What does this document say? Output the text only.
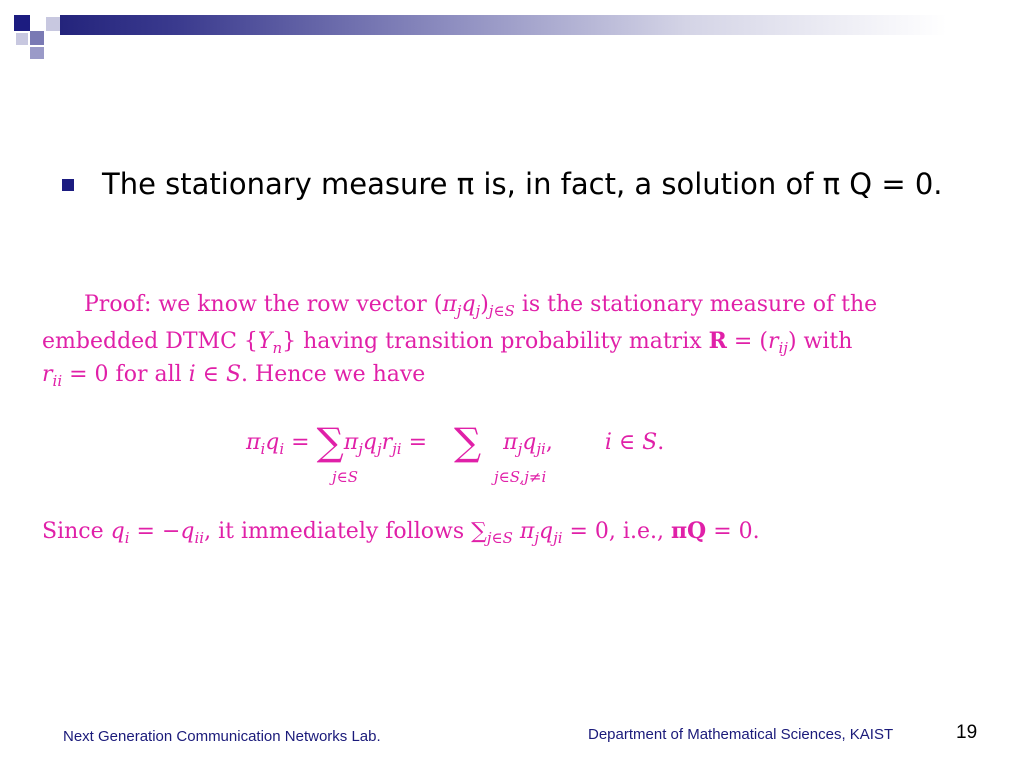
The stationary measure π is, in fact, a solution of π Q = 0.
Proof: we know the row vector $(\pi_jq_j)_{j\in S}$ is the stationary measure of the
embedded DTMC $\{Y_n\}$ having transition probability matrix $R = (r_{ij})$ with
$r_{ii} = 0$ for all i ∈ S. Hence we have
$\pi_iq_i = \sum\pi_jq_jr_{ji}$ = ∑ $\pi_jq_{ji}$, i ∈ S.
j∈S	j∈S,j≠i
Since $q_i = -q_{ii}$, it immediately follows $\sum_{j\in S}$ $\pi_jq_{ji} = 0$, i.e., πQ = 0.
Next Generation Communication Networks Lab.	Department of Mathematical Sciences, KAIST	19
